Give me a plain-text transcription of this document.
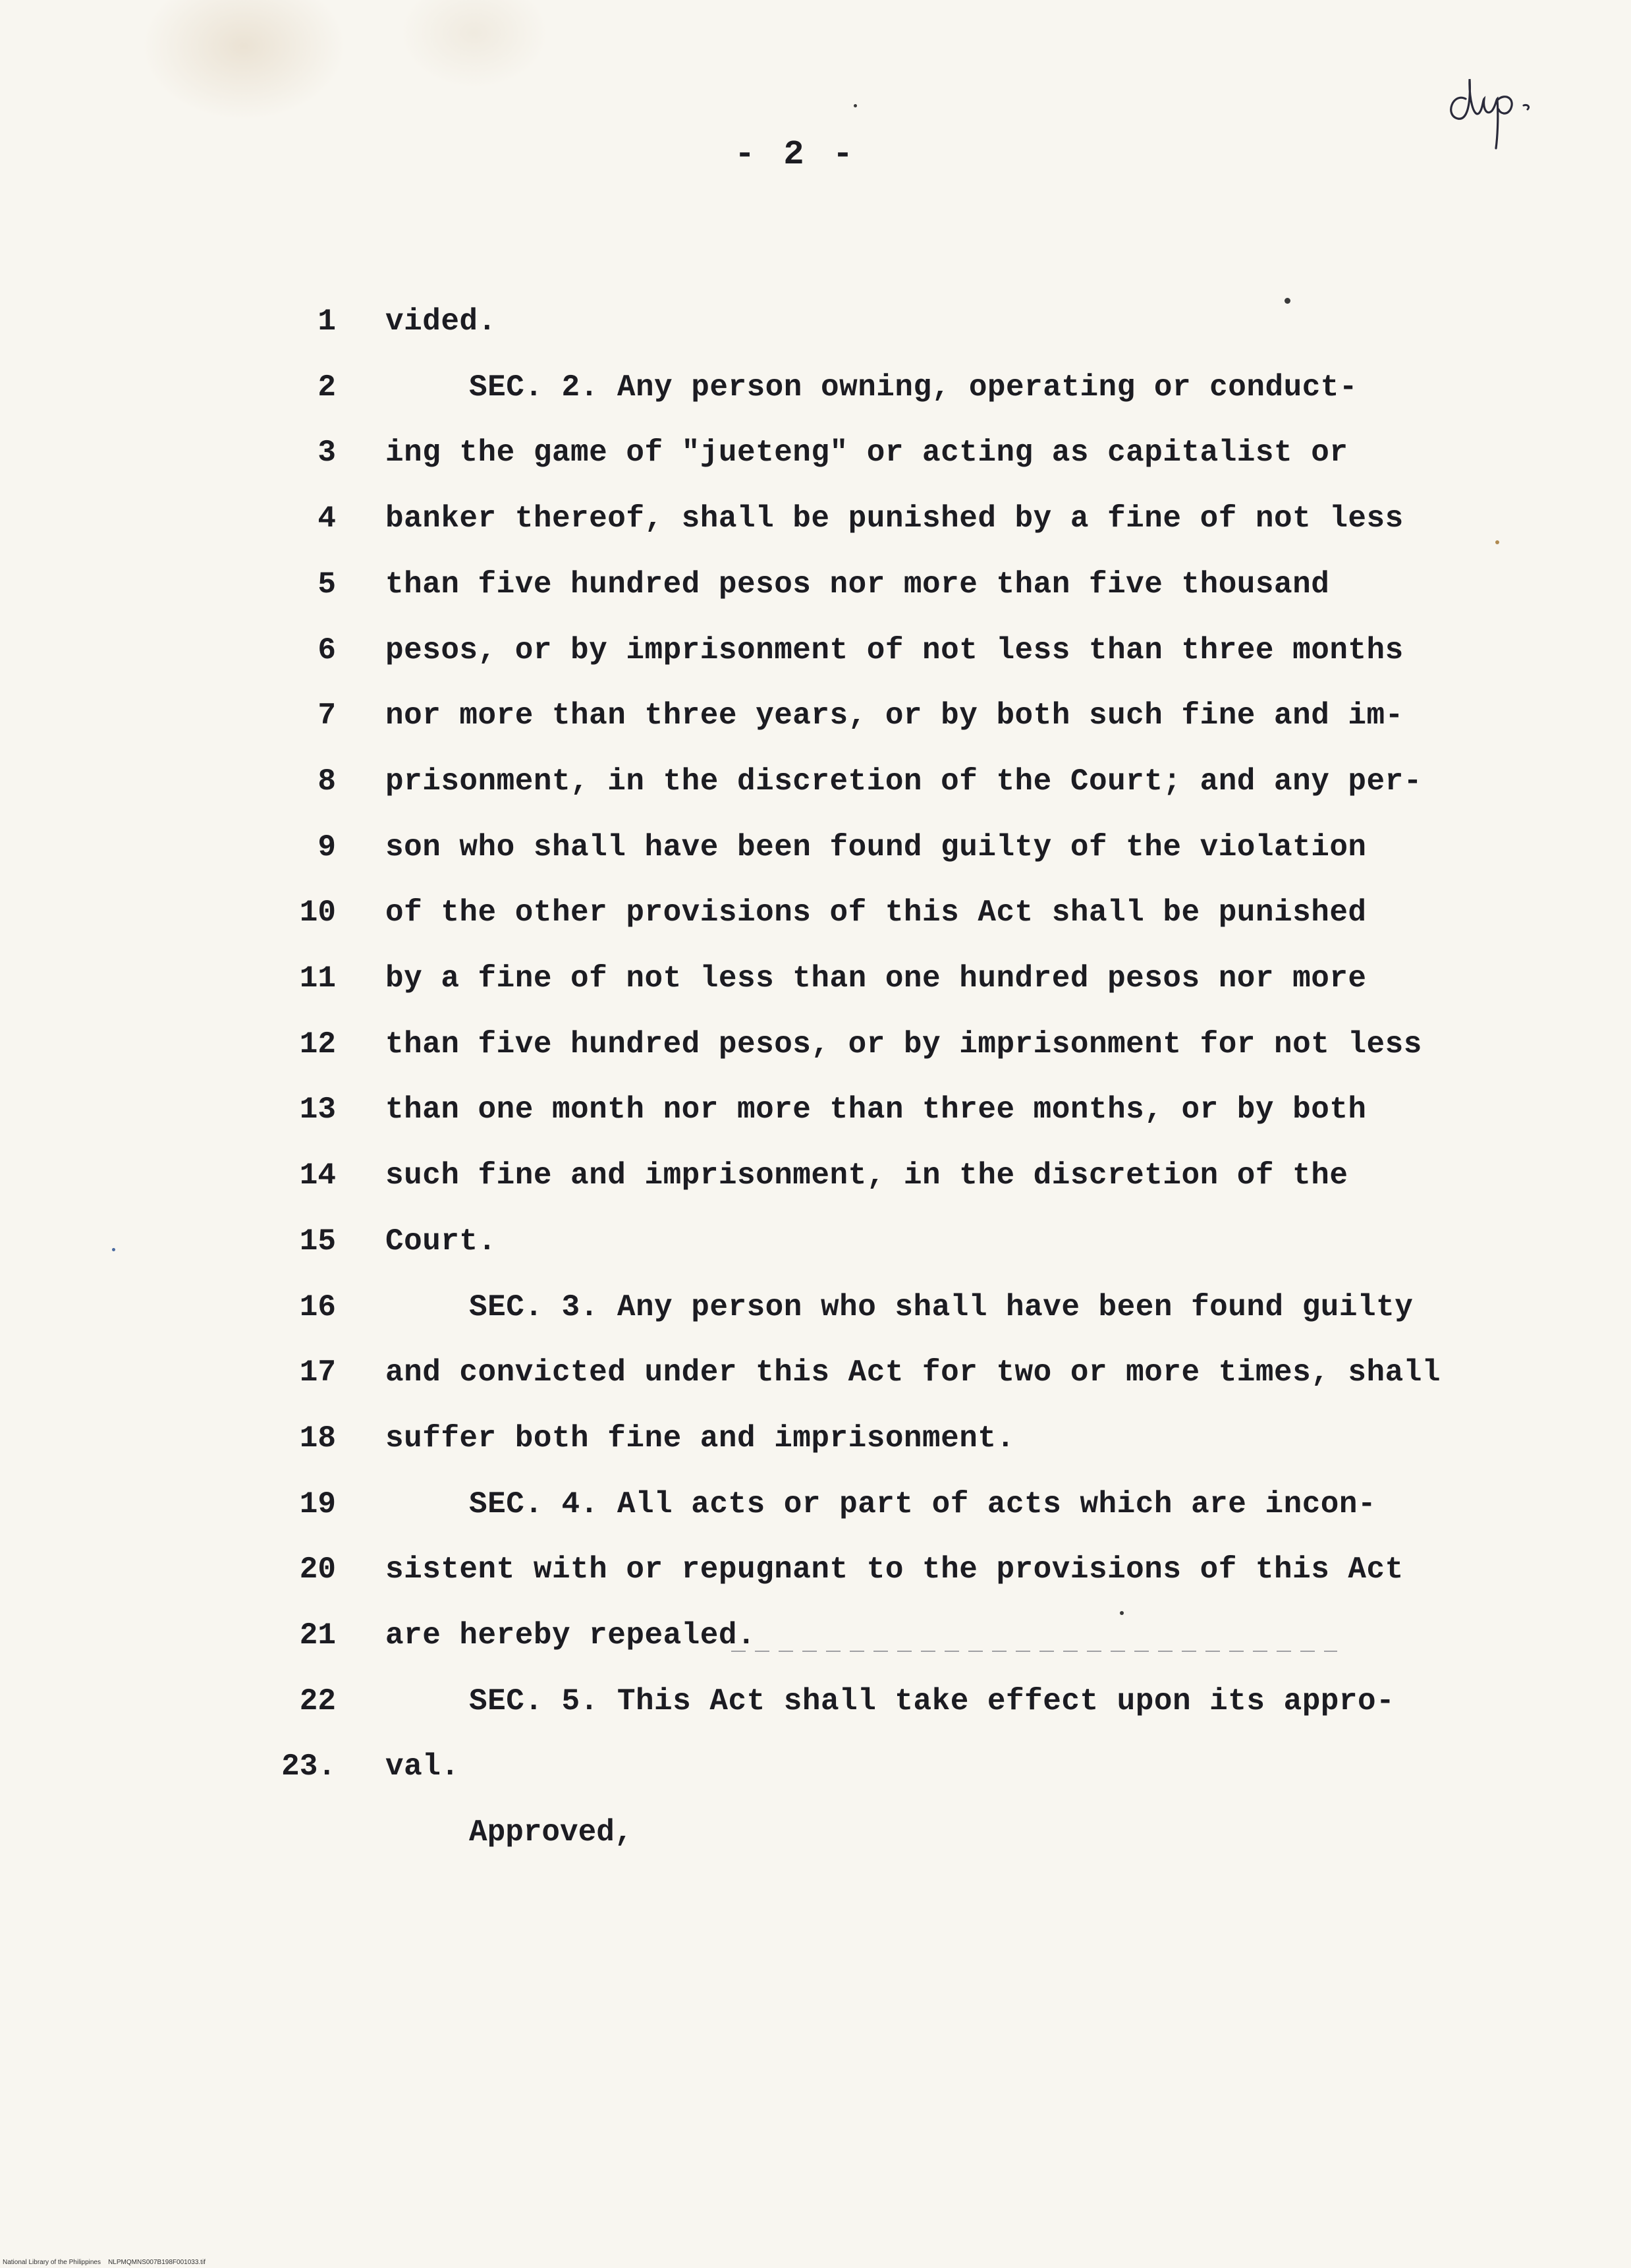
- 2 -
1 vided.
2	SEC. 2. Any person owning, operating or conduct-
3 ing the game of "jueteng" or acting as capitalist or
4 banker thereof, shall be punished by a fine of not less
5 than five hundred pesos nor more than five thousand
6 pesos, or by imprisonment of not less than three months
7 nor more than three years, or by both such fine and im-
8 prisonment, in the discretion of the Court; and any per-
9 son who shall have been found guilty of the violation
10 of the other provisions of this Act shall be punished
11 by a fine of not less than one hundred pesos nor more
12 than five hundred pesos, or by imprisonment for not less
13 than one month nor more than three months, or by both
14 such fine and imprisonment, in the discretion of the
15 Court.
16	SEC. 3. Any person who shall have been found guilty
17 and convicted under this Act for two or more times, shall
18 suffer both fine and imprisonment.
19	SEC. 4. All acts or part of acts which are incon-
20 sistent with or repugnant to the provisions of this Act
21 are hereby repealed.
22	SEC. 5. This Act shall take effect upon its appro-
23. val.
Approved,
National Library of the Philippines    NLPMQMNS007B198F001033.tif
